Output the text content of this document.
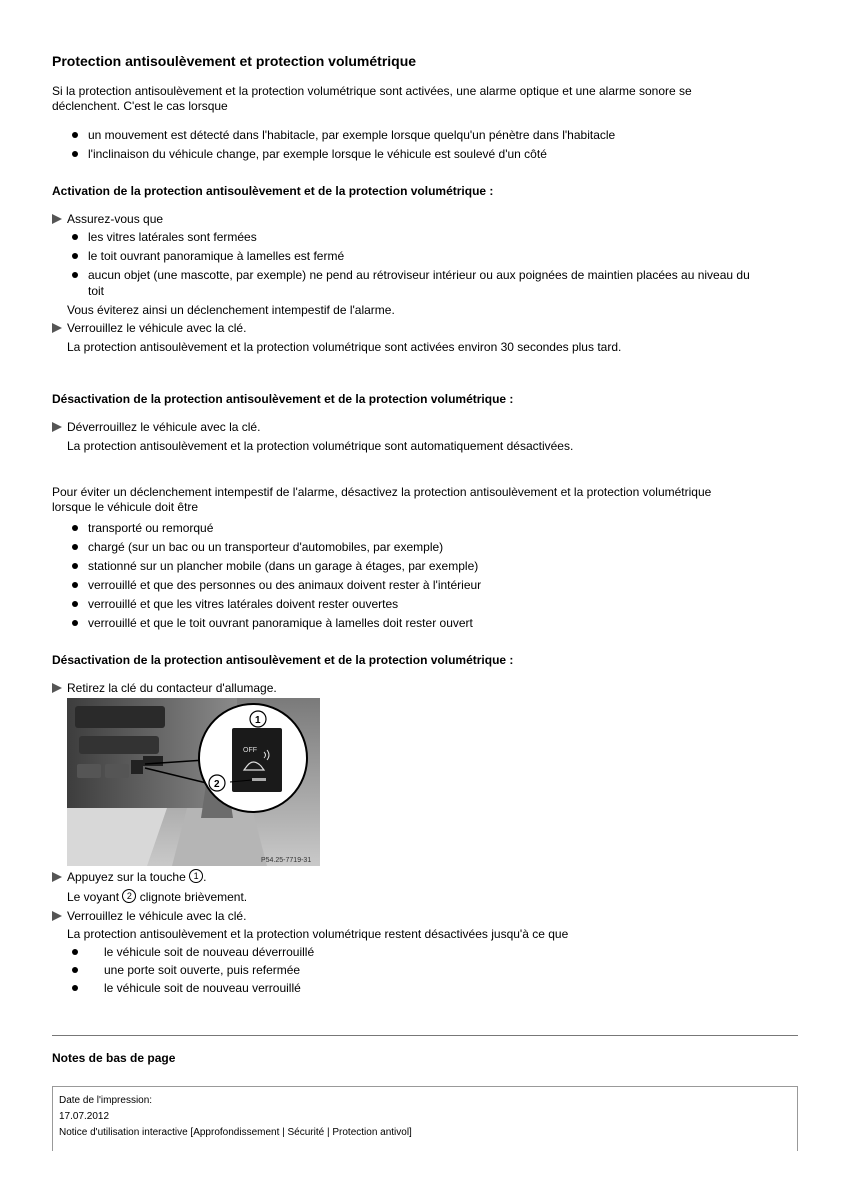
Protection antisoulèvement et protection volumétrique
Si la protection antisoulèvement et la protection volumétrique sont activées, une alarme optique et une alarme sonore se
déclenchent. C'est le cas lorsque
un mouvement est détecté dans l'habitacle, par exemple lorsque quelqu'un pénètre dans l'habitacle
l'inclinaison du véhicule change, par exemple lorsque le véhicule est soulevé d'un côté
Activation de la protection antisoulèvement et de la protection volumétrique :
Assurez-vous que
les vitres latérales sont fermées
le toit ouvrant panoramique à lamelles est fermé
aucun objet (une mascotte, par exemple) ne pend au rétroviseur intérieur ou aux poignées de maintien placées au niveau du
toit
Vous éviterez ainsi un déclenchement intempestif de l'alarme.
Verrouillez le véhicule avec la clé.
La protection antisoulèvement et la protection volumétrique sont activées environ 30 secondes plus tard.
Désactivation de la protection antisoulèvement et de la protection volumétrique :
Déverrouillez le véhicule avec la clé.
La protection antisoulèvement et la protection volumétrique sont automatiquement désactivées.
Pour éviter un déclenchement intempestif de l'alarme, désactivez la protection antisoulèvement et la protection volumétrique
lorsque le véhicule doit être
transporté ou remorqué
chargé (sur un bac ou un transporteur d'automobiles, par exemple)
stationné sur un plancher mobile (dans un garage à étages, par exemple)
verrouillé et que des personnes ou des animaux doivent rester à l'intérieur
verrouillé et que les vitres latérales doivent rester ouvertes
verrouillé et que le toit ouvrant panoramique à lamelles doit rester ouvert
Désactivation de la protection antisoulèvement et de la protection volumétrique :
Retirez la clé du contacteur d'allumage.
OFF
1
2
P54.25-7719-31
Appuyez sur la touche 1 .
Le voyant 2 clignote brièvement.
Verrouillez le véhicule avec la clé.
La protection antisoulèvement et la protection volumétrique restent désactivées jusqu'à ce que
le véhicule soit de nouveau déverrouillé
une porte soit ouverte, puis refermée
le véhicule soit de nouveau verrouillé
Notes de bas de page
Date de l'impression:
17.07.2012
Notice d'utilisation interactive [Approfondissement | Sécurité | Protection antivol]
